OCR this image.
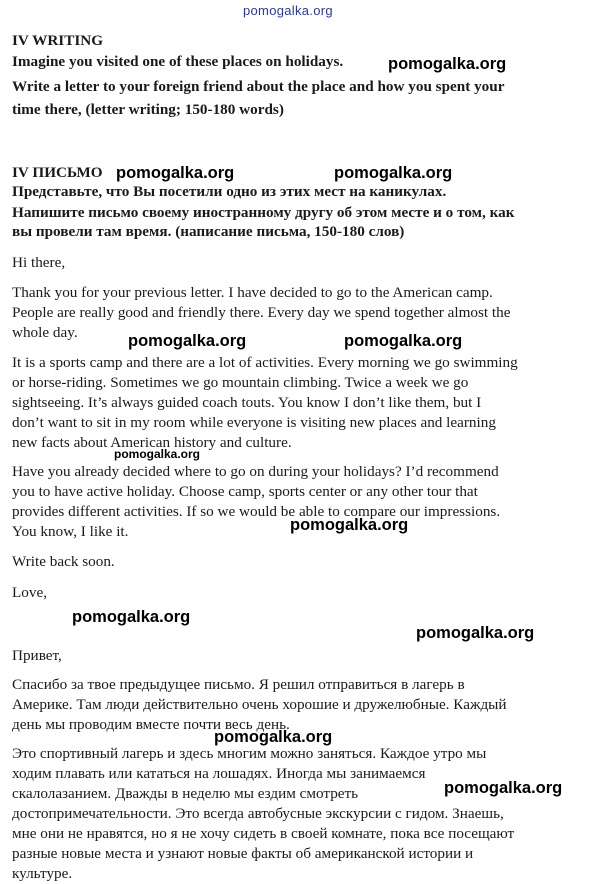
pomogalka.org
IV WRITING
Imagine you visited one of these places on holidays.
Write a letter to your foreign friend about the place and how you spent your
time there, (letter writing; 150-180 words)
IV ПИСЬМО
Представьте, что Вы посетили одно из этих мест на каникулах.
Напишите письмо своему иностранному другу об этом месте и о том, как
вы провели там время. (написание письма, 150-180 слов)
Hi there,
Thank you for your previous letter. I have decided to go to the American camp.
People are really good and friendly there. Every day we spend together almost the
whole day.
It is a sports camp and there are a lot of activities. Every morning we go swimming
or horse-riding. Sometimes we go mountain climbing. Twice a week we go
sightseeing. It’s always guided coach touts. You know I don’t like them, but I
don’t want to sit in my room while everyone is visiting new places and learning
new facts about American history and culture.
Have you already decided where to go on during your holidays? I’d recommend
you to have active holiday. Choose camp, sports center or any other tour that
provides different activities. If so we would be able to compare our impressions.
You know, I like it.
Write back soon.
Love,
Привет,
Спасибо за твое предыдущее письмо. Я решил отправиться в лагерь в
Америке. Там люди действительно очень хорошие и дружелюбные. Каждый
день мы проводим вместе почти весь день.
Это спортивный лагерь и здесь многим можно заняться. Каждое утро мы
ходим плавать или кататься на лошадях. Иногда мы занимаемся
скалолазанием. Дважды в неделю мы ездим смотреть
достопримечательности. Это всегда автобусные экскурсии с гидом. Знаешь,
мне они не нравятся, но я не хочу сидеть в своей комнате, пока все посещают
разные новые места и узнают новые факты об американской истории и
культуре.
pomogalka.org
pomogalka.org	pomogalka.org
pomogalka.org	pomogalka.org
pomogalka.org
pomogalka.org
pomogalka.org
pomogalka.org
pomogalka.org
pomogalka.org
